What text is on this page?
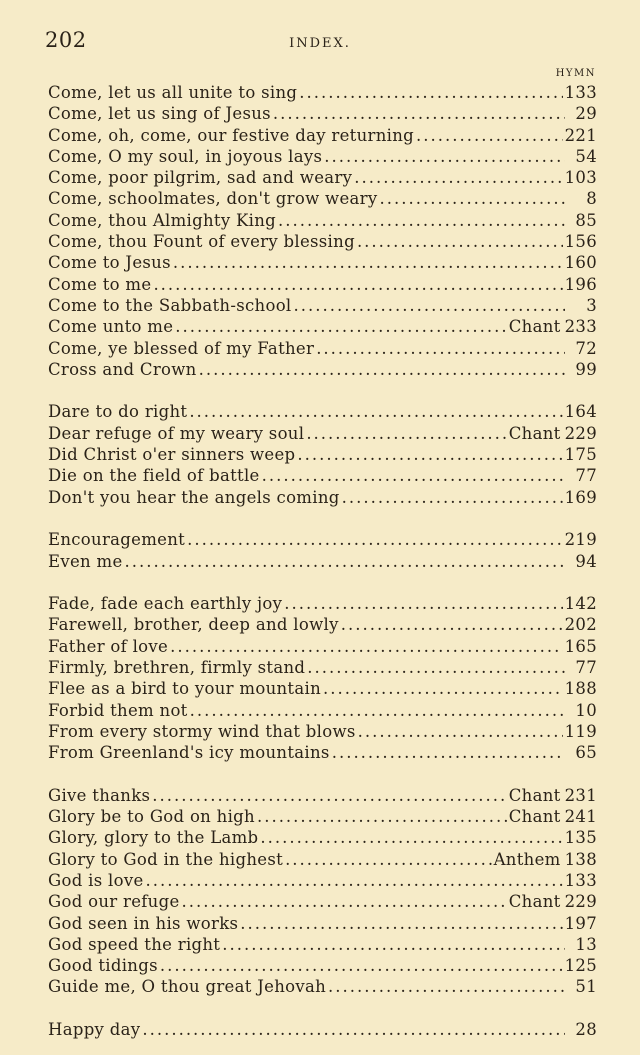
202	INDEX.
HYMN
Come, let us all unite to sing .....	133
Come, let us sing of Jesus .....	29
Come, oh, come, our festive day returning .....	221
Come, O my soul, in joyous lays .....	54
Come, poor pilgrim, sad and weary .....	103
Come, schoolmates, don't grow weary .....	8
Come, thou Almighty King .....	85
Come, thou Fount of every blessing .....	156
Come to Jesus .....	160
Come to me .....	196
Come to the Sabbath-school .....	3
Come unto me .....	Chant 233
Come, ye blessed of my Father .....	72
Cross and Crown .....	99
Dare to do right .....	164
Dear refuge of my weary soul .....	Chant 229
Did Christ o'er sinners weep .....	175
Die on the field of battle .....	77
Don't you hear the angels coming .....	169
Encouragement .....	219
Even me .....	94
Fade, fade each earthly joy .....	142
Farewell, brother, deep and lowly .....	202
Father of love .....	165
Firmly, brethren, firmly stand .....	77
Flee as a bird to your mountain .....	188
Forbid them not .....	10
From every stormy wind that blows .....	119
From Greenland's icy mountains .....	65
Give thanks .....	Chant 231
Glory be to God on high .....	Chant 241
Glory, glory to the Lamb .....	135
Glory to God in the highest .....	Anthem 138
God is love .....	133
God our refuge .....	Chant 229
God seen in his works .....	197
God speed the right .....	13
Good tidings .....	125
Guide me, O thou great Jehovah .....	51
Happy day .....	28
